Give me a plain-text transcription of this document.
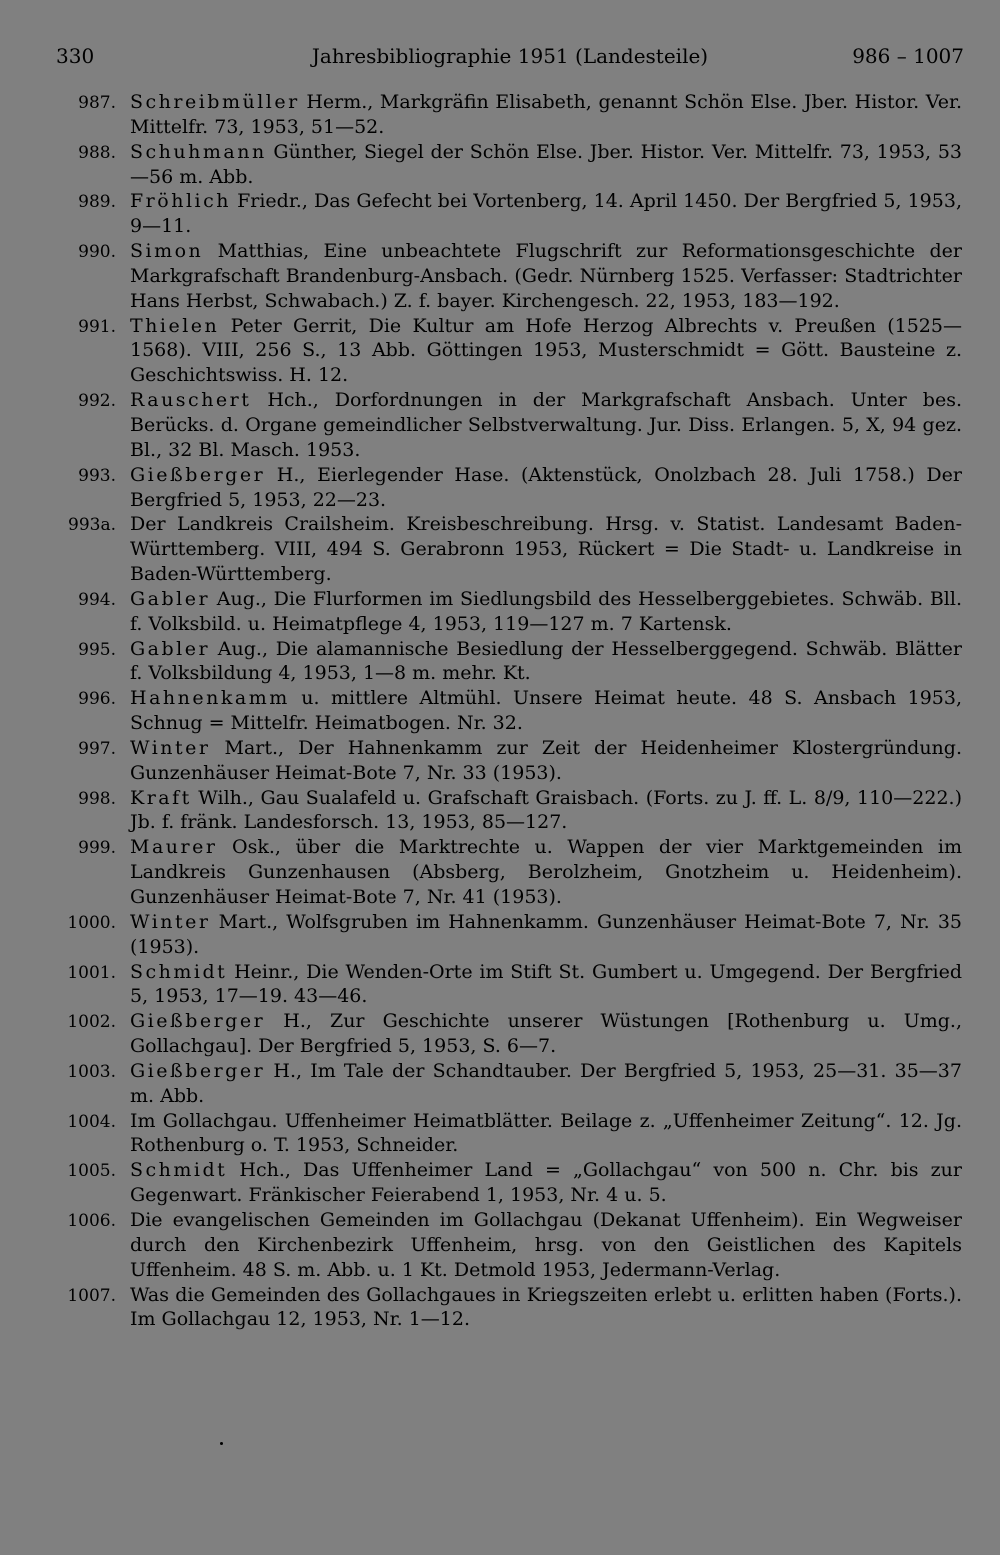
330	Jahresbibliographie 1951 (Landesteile)	986 – 1007
987. Schreibmüller Herm., Markgräfin Elisabeth, genannt Schön Else. Jber. Histor. Ver. Mittelfr. 73, 1953, 51—52.
988. Schuhmann Günther, Siegel der Schön Else. Jber. Histor. Ver. Mittelfr. 73, 1953, 53—56 m. Abb.
989. Fröhlich Friedr., Das Gefecht bei Vortenberg, 14. April 1450. Der Bergfried 5, 1953, 9—11.
990. Simon Matthias, Eine unbeachtete Flugschrift zur Reformationsgeschichte der Markgrafschaft Brandenburg-Ansbach. (Gedr. Nürnberg 1525. Verfasser: Stadtrichter Hans Herbst, Schwabach.) Z. f. bayer. Kirchengesch. 22, 1953, 183—192.
991. Thielen Peter Gerrit, Die Kultur am Hofe Herzog Albrechts v. Preußen (1525—1568). VIII, 256 S., 13 Abb. Göttingen 1953, Musterschmidt = Gött. Bausteine z. Geschichtswiss. H. 12.
992. Rauschert Hch., Dorfordnungen in der Markgrafschaft Ansbach. Unter bes. Berücks. d. Organe gemeindlicher Selbstverwaltung. Jur. Diss. Erlangen. 5, X, 94 gez. Bl., 32 Bl. Masch. 1953.
993. Gießberger H., Eierlegender Hase. (Aktenstück, Onolzbach 28. Juli 1758.) Der Bergfried 5, 1953, 22—23.
993a. Der Landkreis Crailsheim. Kreisbeschreibung. Hrsg. v. Statist. Landesamt Baden-Württemberg. VIII, 494 S. Gerabronn 1953, Rückert = Die Stadt- u. Landkreise in Baden-Württemberg.
994. Gabler Aug., Die Flurformen im Siedlungsbild des Hesselberggebietes. Schwäb. Bll. f. Volksbild. u. Heimatpflege 4, 1953, 119—127 m. 7 Kartensk.
995. Gabler Aug., Die alamannische Besiedlung der Hesselberggegend. Schwäb. Blätter f. Volksbildung 4, 1953, 1—8 m. mehr. Kt.
996. Hahnenkamm u. mittlere Altmühl. Unsere Heimat heute. 48 S. Ansbach 1953, Schnug = Mittelfr. Heimatbogen. Nr. 32.
997. Winter Mart., Der Hahnenkamm zur Zeit der Heidenheimer Klostergründung. Gunzenhäuser Heimat-Bote 7, Nr. 33 (1953).
998. Kraft Wilh., Gau Sualafeld u. Grafschaft Graisbach. (Forts. zu J. ff. L. 8/9, 110—222.) Jb. f. fränk. Landesforsch. 13, 1953, 85—127.
999. Maurer Osk., über die Marktrechte u. Wappen der vier Marktgemeinden im Landkreis Gunzenhausen (Absberg, Berolzheim, Gnotzheim u. Heidenheim). Gunzenhäuser Heimat-Bote 7, Nr. 41 (1953).
1000. Winter Mart., Wolfsgruben im Hahnenkamm. Gunzenhäuser Heimat-Bote 7, Nr. 35 (1953).
1001. Schmidt Heinr., Die Wenden-Orte im Stift St. Gumbert u. Umgegend. Der Bergfried 5, 1953, 17—19. 43—46.
1002. Gießberger H., Zur Geschichte unserer Wüstungen [Rothenburg u. Umg., Gollachgau]. Der Bergfried 5, 1953, S. 6—7.
1003. Gießberger H., Im Tale der Schandtauber. Der Bergfried 5, 1953, 25—31. 35—37 m. Abb.
1004. Im Gollachgau. Uffenheimer Heimatblätter. Beilage z. „Uffenheimer Zeitung“. 12. Jg. Rothenburg o. T. 1953, Schneider.
1005. Schmidt Hch., Das Uffenheimer Land = „Gollachgau“ von 500 n. Chr. bis zur Gegenwart. Fränkischer Feierabend 1, 1953, Nr. 4 u. 5.
1006. Die evangelischen Gemeinden im Gollachgau (Dekanat Uffenheim). Ein Wegweiser durch den Kirchenbezirk Uffenheim, hrsg. von den Geistlichen des Kapitels Uffenheim. 48 S. m. Abb. u. 1 Kt. Detmold 1953, Jedermann-Verlag.
1007. Was die Gemeinden des Gollachgaues in Kriegszeiten erlebt u. erlitten haben (Forts.). Im Gollachgau 12, 1953, Nr. 1—12.
